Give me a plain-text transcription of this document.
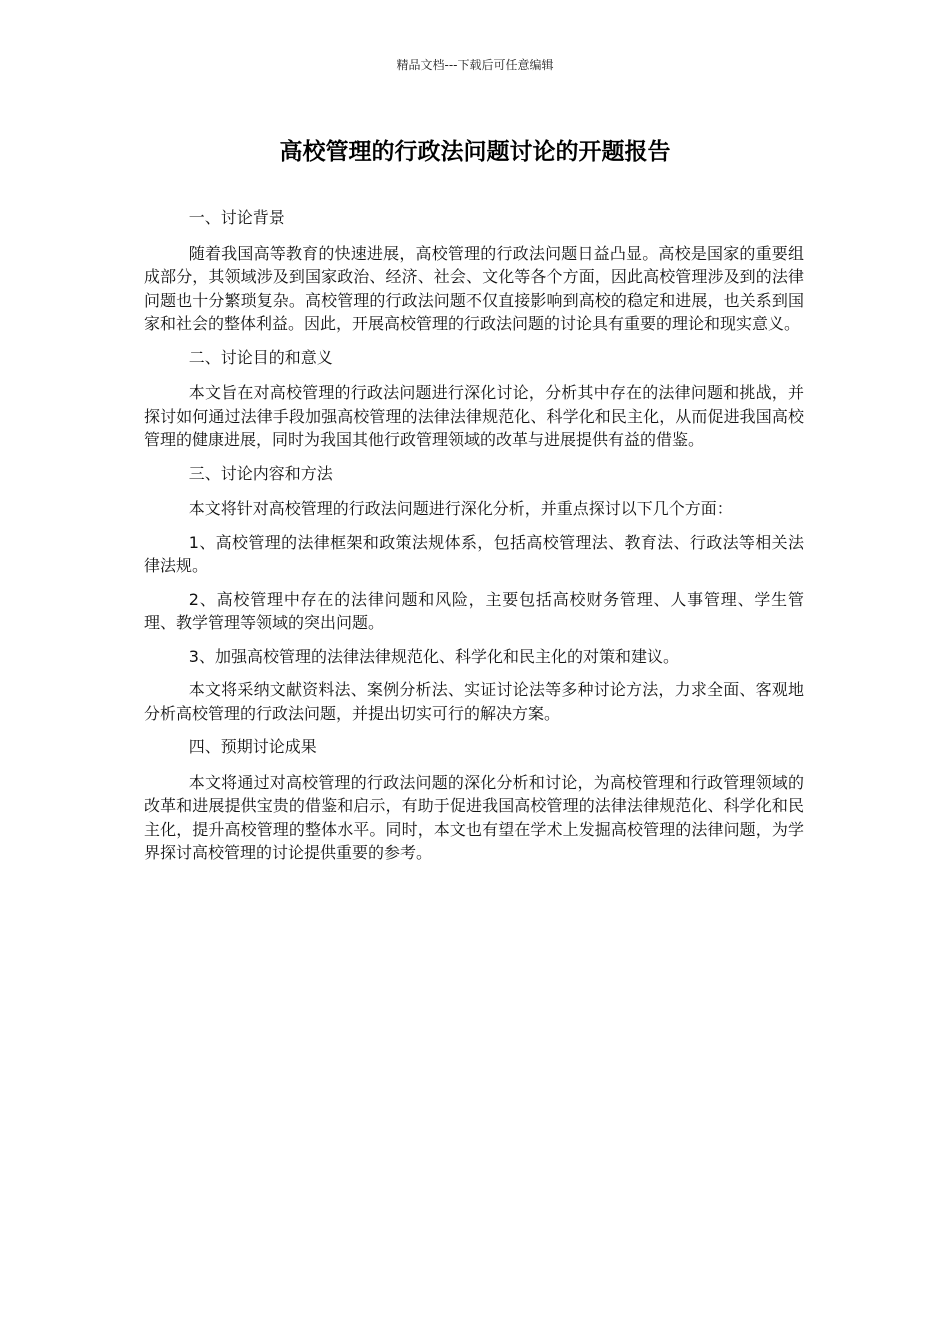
精品文档---下载后可任意编辑
高校管理的行政法问题讨论的开题报告

一、讨论背景

随着我国高等教育的快速进展，高校管理的行政法问题日益凸显。高校是国家的重要组成部分，其领域涉及到国家政治、经济、社会、文化等各个方面，因此高校管理涉及到的法律问题也十分繁琐复杂。高校管理的行政法问题不仅直接影响到高校的稳定和进展，也关系到国家和社会的整体利益。因此，开展高校管理的行政法问题的讨论具有重要的理论和现实意义。

二、讨论目的和意义

本文旨在对高校管理的行政法问题进行深化讨论，分析其中存在的法律问题和挑战，并探讨如何通过法律手段加强高校管理的法律法律规范化、科学化和民主化，从而促进我国高校管理的健康进展，同时为我国其他行政管理领域的改革与进展提供有益的借鉴。

三、讨论内容和方法

本文将针对高校管理的行政法问题进行深化分析，并重点探讨以下几个方面：

1、高校管理的法律框架和政策法规体系，包括高校管理法、教育法、行政法等相关法律法规。

2、高校管理中存在的法律问题和风险，主要包括高校财务管理、人事管理、学生管理、教学管理等领域的突出问题。

3、加强高校管理的法律法律规范化、科学化和民主化的对策和建议。

本文将采纳文献资料法、案例分析法、实证讨论法等多种讨论方法，力求全面、客观地分析高校管理的行政法问题，并提出切实可行的解决方案。

四、预期讨论成果

本文将通过对高校管理的行政法问题的深化分析和讨论，为高校管理和行政管理领域的改革和进展提供宝贵的借鉴和启示，有助于促进我国高校管理的法律法律规范化、科学化和民主化，提升高校管理的整体水平。同时，本文也有望在学术上发掘高校管理的法律问题，为学界探讨高校管理的讨论提供重要的参考。
